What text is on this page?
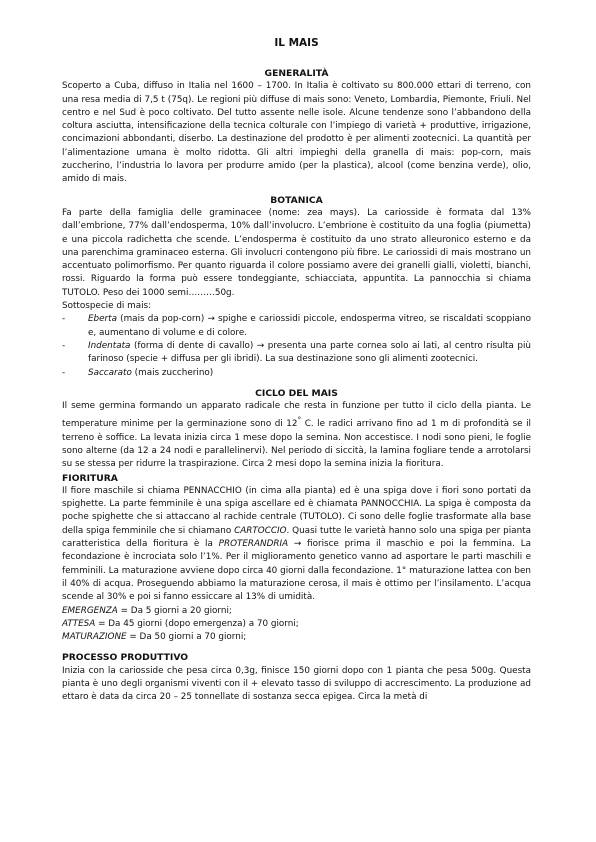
IL MAIS
GENERALITÀ

Scoperto a Cuba, diffuso in Italia nel 1600 – 1700. In Italia è coltivato su 800.000 ettari di terreno, con una resa media di 7,5 t (75q). Le regioni più diffuse di mais sono: Veneto, Lombardia, Piemonte, Friuli. Nel centro e nel Sud è poco coltivato. Del tutto assente nelle isole. Alcune tendenze sono l’abbandono della coltura asciutta, intensificazione della tecnica colturale con l’impiego di varietà + produttive, irrigazione, concimazioni abbondanti, diserbo. La destinazione del prodotto è per alimenti zootecnici. La quantità per l’alimentazione umana è molto ridotta. Gli altri impieghi della granella di mais: pop-corn, mais zuccherino, l’industria lo lavora per produrre amido (per la plastica), alcool (come benzina verde), olio, amido di mais.

BOTANICA

Fa parte della famiglia delle graminacee (nome: zea mays). La cariosside è formata dal 13% dall’embrione, 77% dall’endosperma, 10% dall’involucro. L’embrione è costituito da una foglia (piumetta) e una piccola radichetta che scende. L’endosperma è costituito da uno strato alleuronico esterno e da una parenchima graminaceo esterna. Gli involucri contengono più fibre. Le cariossidi di mais mostrano un accentuato polimorfismo. Per quanto riguarda il colore possiamo avere dei granelli gialli, violetti, bianchi, rossi. Riguardo la forma può essere tondeggiante, schiacciata, appuntita. La pannocchia si chiama TUTOLO. Peso dei 1000 semi………50g.

Sottospecie di mais:

-	Eberta (mais da pop-corn) → spighe e cariossidi piccole, endosperma vitreo, se riscaldati scoppiano e, aumentano di volume e di colore.
-	Indentata (forma di dente di cavallo) → presenta una parte cornea solo ai lati, al centro risulta più farinoso (specie + diffusa per gli ibridi). La sua destinazione sono gli alimenti zootecnici.
-	Saccarato (mais zuccherino)
CICLO DEL MAIS

Il seme germina formando un apparato radicale che resta in funzione per tutto il ciclo della pianta. Le temperature minime per la germinazione sono di 12° C. le radici arrivano fino ad 1 m di profondità se il terreno è soffice. La levata inizia circa 1 mese dopo la semina. Non accestisce. I nodi sono pieni, le foglie sono alterne (da 12 a 24 nodi e parallelinervi). Nel periodo di siccità, la lamina fogliare tende a arrotolarsi su se stessa per ridurre la traspirazione. Circa 2 mesi dopo la semina inizia la fioritura.

FIORITURA

Il fiore maschile si chiama PENNACCHIO (in cima alla pianta) ed è una spiga dove i fiori sono portati da spighette. La parte femminile è una spiga ascellare ed è chiamata PANNOCCHIA. La spiga è composta da poche spighette che si attaccano al rachide centrale (TUTOLO). Ci sono delle foglie trasformate alla base della spiga femminile che si chiamano CARTOCCIO. Quasi tutte le varietà hanno solo una spiga per pianta caratteristica della fioritura è la PROTERANDRIA → fiorisce prima il maschio e poi la femmina. La fecondazione è incrociata solo l’1%. Per il miglioramento genetico vanno ad asportare le parti maschili e femminili. La maturazione avviene dopo circa 40 giorni dalla fecondazione. 1° maturazione lattea con ben il 40% di acqua. Proseguendo abbiamo la maturazione cerosa, il mais è ottimo per l’insilamento. L’acqua scende al 30% e poi si fanno essiccare al 13% di umidità.

EMERGENZA = Da 5 giorni a 20 giorni;

ATTESA = Da 45 giorni (dopo emergenza) a 70 giorni;

MATURAZIONE = Da 50 giorni a 70 giorni;

PROCESSO PRODUTTIVO

Inizia con la cariosside che pesa circa 0,3g, finisce 150 giorni dopo con 1 pianta che pesa 500g. Questa pianta è uno degli organismi viventi con il + elevato tasso di sviluppo di accrescimento. La produzione ad ettaro è data da circa 20 – 25 tonnellate di sostanza secca epigea. Circa la metà di
